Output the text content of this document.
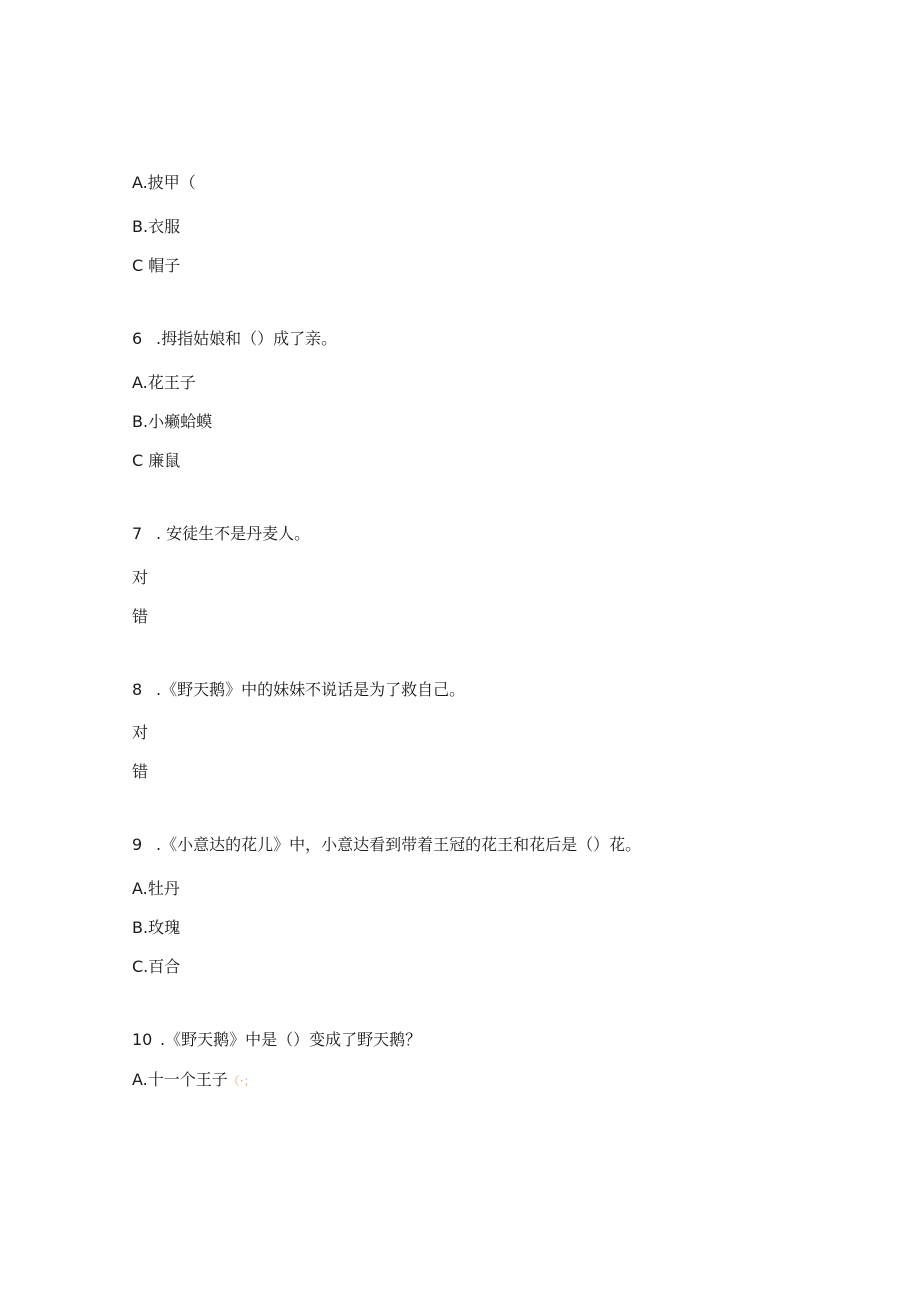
A.披甲（
B.衣服
C 帽子
6 .拇指姑娘和（）成了亲。
A.花王子
B.小癞蛤蟆
C 廉鼠
7 . 安徒生不是丹麦人。
对
错
8 .《野天鹅》中的妹妹不说话是为了救自己。
对
错
9 .《小意达的花儿》中，小意达看到带着王冠的花王和花后是（）花。
A.牡丹
B.玫瑰
C.百合
10 .《野天鹅》中是（）变成了野天鹅？
A.十一个王子（·；
